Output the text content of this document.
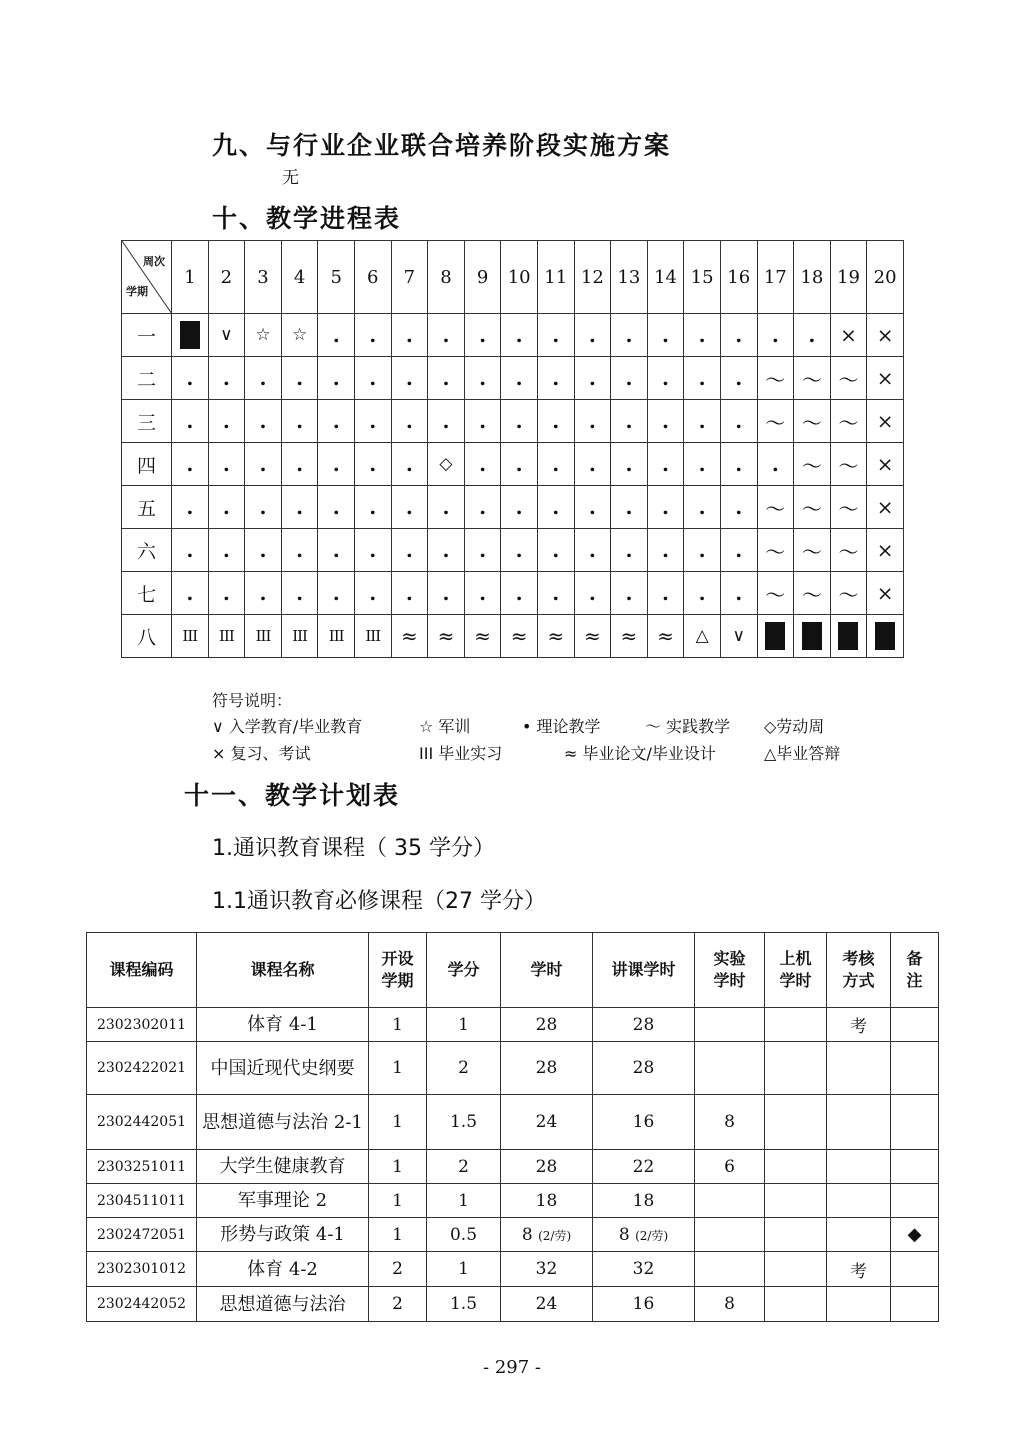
九、与行业企业联合培养阶段实施方案
无
十、教学进程表
周次
学期	1	2	3	4	5	6	7	8	9	10	11	12	13	14	15	16	17	18	19	20
一		∨	☆	☆	.	.	.	.	.	.	.	.	.	.	.	.	.	.	×	×
二	.	.	.	.	.	.	.	.	.	.	.	.	.	.	.	.	～	～	～	×
三	.	.	.	.	.	.	.	.	.	.	.	.	.	.	.	.	～	～	～	×
四	.	.	.	.	.	.	.	◇	.	.	.	.	.	.	.	.	.	～	～	×
五	.	.	.	.	.	.	.	.	.	.	.	.	.	.	.	.	～	～	～	×
六	.	.	.	.	.	.	.	.	.	.	.	.	.	.	.	.	～	～	～	×
七	.	.	.	.	.	.	.	.	.	.	.	.	.	.	.	.	～	～	～	×
八	III	III	III	III	III	III	≈	≈	≈	≈	≈	≈	≈	≈	△	∨				
符号说明：
∨ 入学教育/毕业教育	☆ 军训	• 理论教学	～ 实践教学 ◇劳动周
× 复习、考试	III 毕业实习	≈ 毕业论文/毕业设计	△毕业答辩
十一、教学计划表
1.通识教育课程（ 35 学分）
1.1通识教育必修课程（27 学分）
课程编码	课程名称	开设学期	学分	学时	讲课学时	实验学时	上机学时	考核方式	备注

2302302011	体育 4-1	1	1	28	28			考	
2302422021	中国近现代史纲要	1	2	28	28				
2302442051	思想道德与法治 2-1	1	1.5	24	16	8			
2303251011	大学生健康教育	1	2	28	22	6			
2304511011	军事理论 2	1	1	18	18				
2302472051	形势与政策 4-1	1	0.5	8 (2/劳)	8 (2/劳)				◆
2302301012	体育 4-2	2	1	32	32			考	
2302442052	思想道德与法治	2	1.5	24	16	8			
- 297 -
